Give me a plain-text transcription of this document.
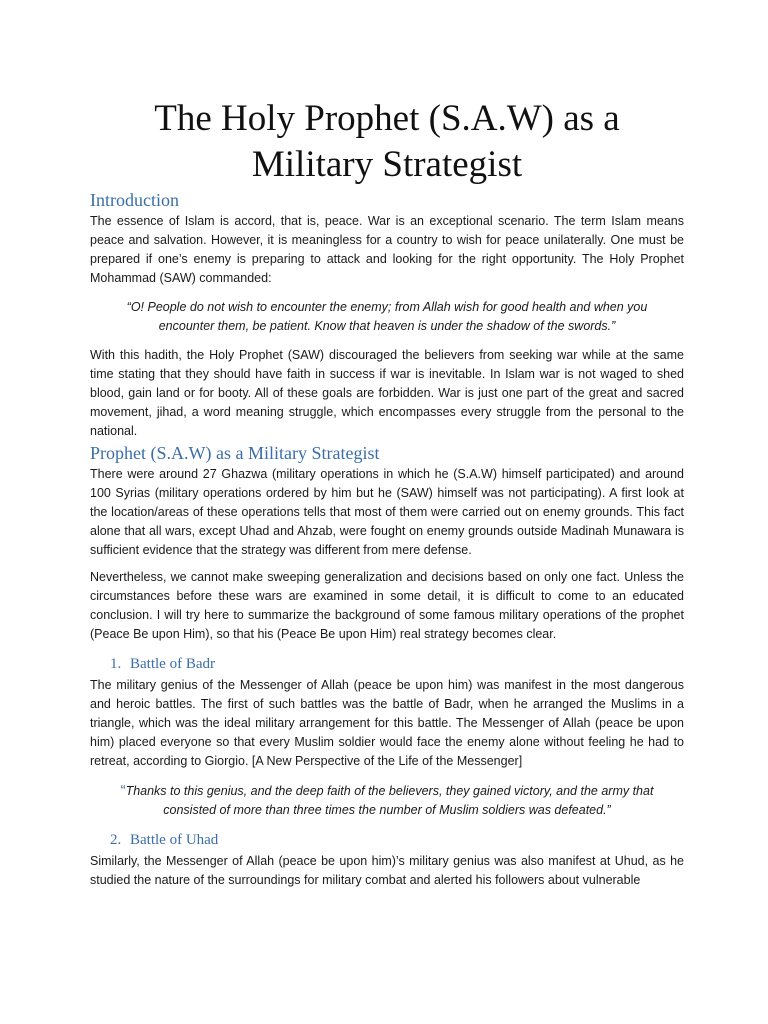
The Holy Prophet (S.A.W) as a Military Strategist
Introduction

The essence of Islam is accord, that is, peace. War is an exceptional scenario. The term Islam means peace and salvation. However, it is meaningless for a country to wish for peace unilaterally. One must be prepared if one’s enemy is preparing to attack and looking for the right opportunity. The Holy Prophet Mohammad (SAW) commanded:

“O! People do not wish to encounter the enemy; from Allah wish for good health and when you encounter them, be patient. Know that heaven is under the shadow of the swords.”

With this hadith, the Holy Prophet (SAW) discouraged the believers from seeking war while at the same time stating that they should have faith in success if war is inevitable. In Islam war is not waged to shed blood, gain land or for booty. All of these goals are forbidden. War is just one part of the great and sacred movement, jihad, a word meaning struggle, which encompasses every struggle from the personal to the national.

Prophet (S.A.W) as a Military Strategist

There were around 27 Ghazwa (military operations in which he (S.A.W) himself participated) and around 100 Syrias (military operations ordered by him but he (SAW) himself was not participating). A first look at the location/areas of these operations tells that most of them were carried out on enemy grounds. This fact alone that all wars, except Uhad and Ahzab, were fought on enemy grounds outside Madinah Munawara is sufficient evidence that the strategy was different from mere defense.

Nevertheless, we cannot make sweeping generalization and decisions based on only one fact. Unless the circumstances before these wars are examined in some detail, it is difficult to come to an educated conclusion. I will try here to summarize the background of some famous military operations of the prophet (Peace Be upon Him), so that his (Peace Be upon Him) real strategy becomes clear.

1. Battle of Badr

The military genius of the Messenger of Allah (peace be upon him) was manifest in the most dangerous and heroic battles. The first of such battles was the battle of Badr, when he arranged the Muslims in a triangle, which was the ideal military arrangement for this battle. The Messenger of Allah (peace be upon him) placed everyone so that every Muslim soldier would face the enemy alone without feeling he had to retreat, according to Giorgio. [A New Perspective of the Life of the Messenger]

“Thanks to this genius, and the deep faith of the believers, they gained victory, and the army that consisted of more than three times the number of Muslim soldiers was defeated.”

2. Battle of Uhad

Similarly, the Messenger of Allah (peace be upon him)’s military genius was also manifest at Uhud, as he studied the nature of the surroundings for military combat and alerted his followers about vulnerable
